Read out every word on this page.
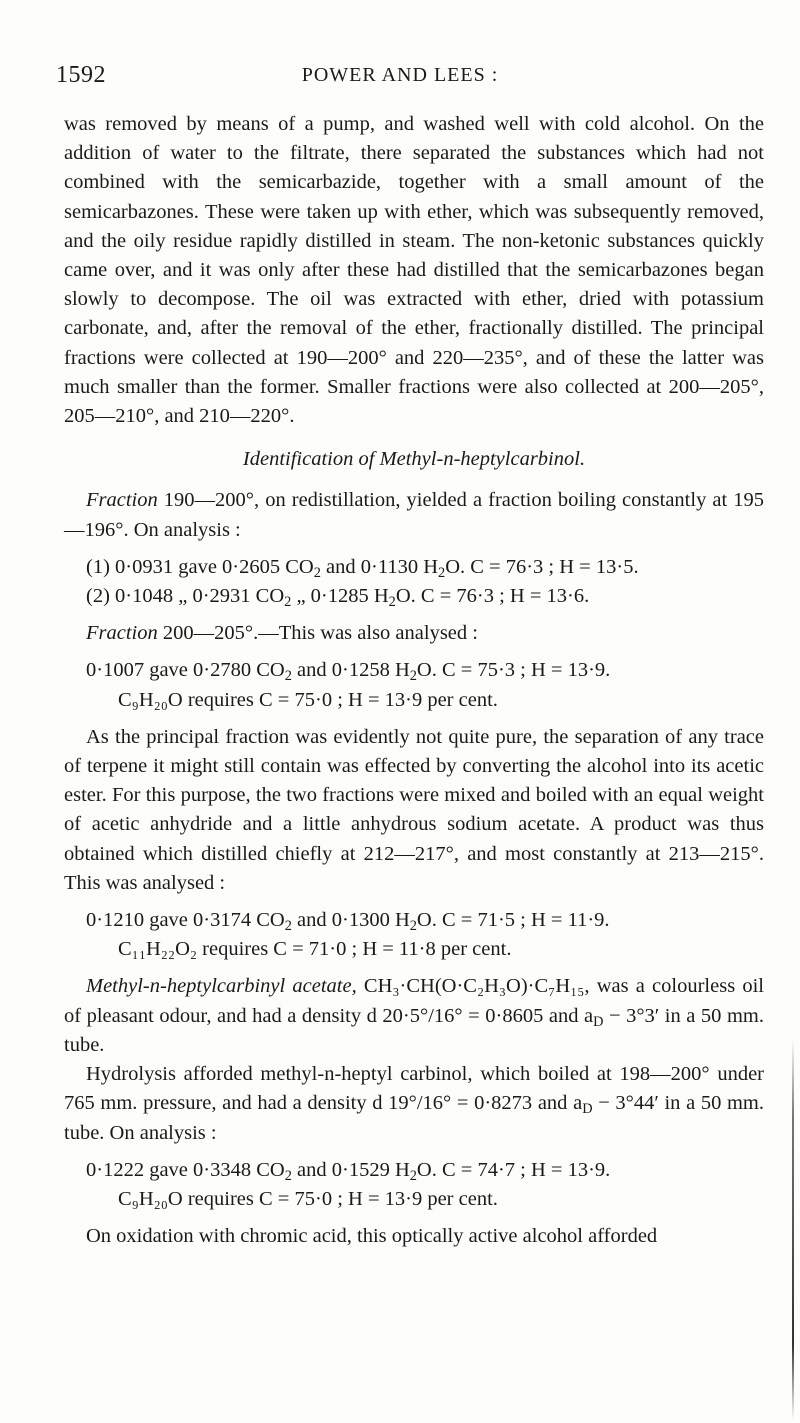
1592	POWER AND LEES :

was removed by means of a pump, and washed well with cold alcohol. On the addition of water to the filtrate, there separated the substances which had not combined with the semicarbazide, together with a small amount of the semicarbazones. These were taken up with ether, which was subsequently removed, and the oily residue rapidly distilled in steam. The non-ketonic substances quickly came over, and it was only after these had distilled that the semicarbazones began slowly to decompose. The oil was extracted with ether, dried with potassium carbonate, and, after the removal of the ether, fractionally distilled. The principal fractions were collected at 190—200° and 220—235°, and of these the latter was much smaller than the former. Smaller fractions were also collected at 200—205°, 205—210°, and 210—220°.

Identification of Methyl-n-heptylcarbinol.

Fraction 190—200°, on redistillation, yielded a fraction boiling constantly at 195—196°. On analysis :

(1) 0·0931 gave 0·2605 $CO_2$ and 0·1130 $H_2O$. C = 76·3 ; H = 13·5.

(2) 0·1048 „ 0·2931 $CO_2$ „ 0·1285 $H_2O$. C = 76·3 ; H = 13·6.

Fraction 200—205°.—This was also analysed :

0·1007 gave 0·2780 $CO_2$ and 0·1258 $H_2O$. C = 75·3 ; H = 13·9.

C₉H₂₀O requires C = 75·0 ; H = 13·9 per cent.

As the principal fraction was evidently not quite pure, the separation of any trace of terpene it might still contain was effected by converting the alcohol into its acetic ester. For this purpose, the two fractions were mixed and boiled with an equal weight of acetic anhydride and a little anhydrous sodium acetate. A product was thus obtained which distilled chiefly at 212—217°, and most constantly at 213—215°. This was analysed :

0·1210 gave 0·3174 $CO_2$ and 0·1300 $H_2O$. C = 71·5 ; H = 11·9.

C₁₁H₂₂O₂ requires C = 71·0 ; H = 11·8 per cent.

Methyl-n-heptylcarbinyl acetate, CH₃·CH(O·C₂H₃O)·C₇H₁₅, was a colourless oil of pleasant odour, and had a density d 20·5°/16° = 0·8605 and $a_D - 3^\circ 3'$ in a 50 mm. tube.

Hydrolysis afforded methyl-n-heptyl carbinol, which boiled at 198—200° under 765 mm. pressure, and had a density d 19°/16° = 0·8273 and $a_D - 3^\circ 44'$ in a 50 mm. tube. On analysis :

0·1222 gave 0·3348 $CO_2$ and 0·1529 $H_2O$. C = 74·7 ; H = 13·9.

C₉H₂₀O requires C = 75·0 ; H = 13·9 per cent.

On oxidation with chromic acid, this optically active alcohol afforded
